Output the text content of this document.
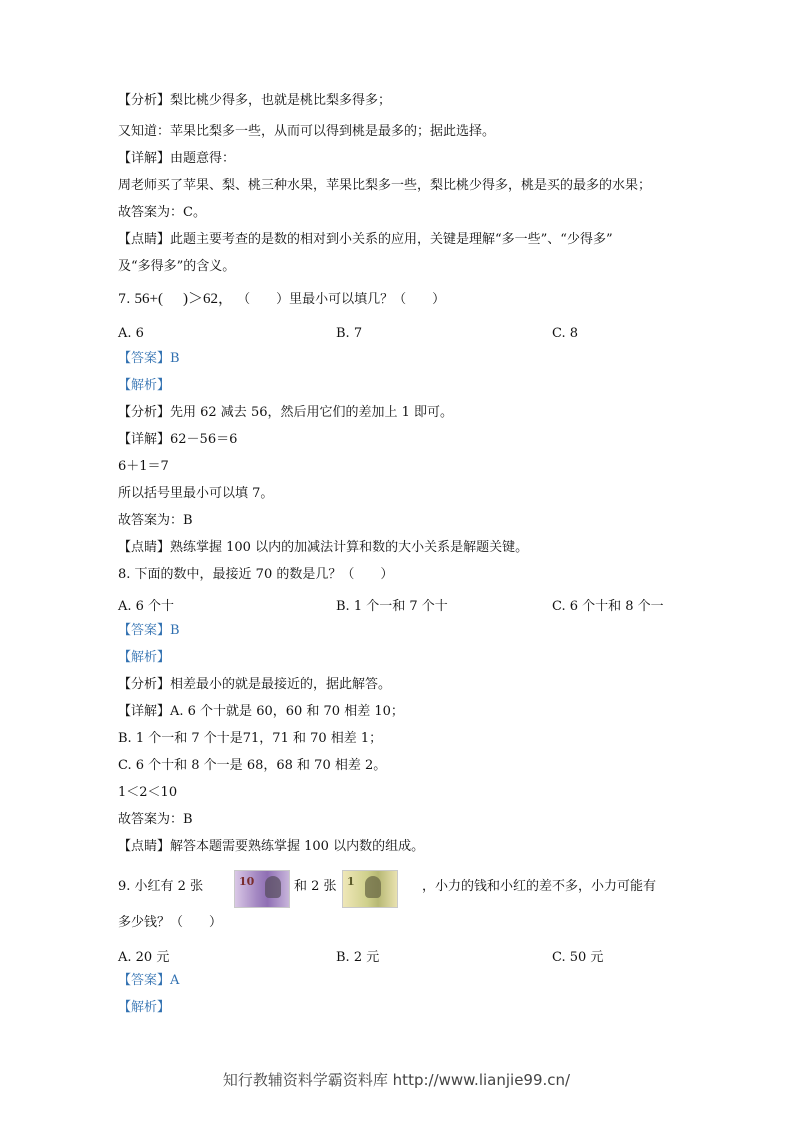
【分析】梨比桃少得多，也就是桃比梨多得多；
又知道：苹果比梨多一些，从而可以得到桃是最多的；据此选择。
【详解】由题意得：
周老师买了苹果、梨、桃三种水果，苹果比梨多一些，梨比桃少得多，桃是买的最多的水果；
故答案为：C。
【点睛】此题主要考查的是数的相对到小关系的应用，关键是理解“多一些”、“少得多”
及“多得多”的含义。
7. 56+( )＞62， （　　）里最小可以填几？（　　）
A. 6	B. 7	C. 8
【答案】B
【解析】
【分析】先用 62 减去 56，然后用它们的差加上 1 即可。
【详解】62－56＝6
6＋1＝7
所以括号里最小可以填 7。
故答案为：B
【点睛】熟练掌握 100 以内的加减法计算和数的大小关系是解题关键。
8. 下面的数中，最接近 70 的数是几？（　　）
A. 6 个十	B. 1 个一和 7 个十	C. 6 个十和 8 个一
【答案】B
【解析】
【分析】相差最小的就是最接近的，据此解答。
【详解】A. 6 个十就是 60，60 和 70 相差 10；
B. 1 个一和 7 个十是71，71 和 70 相差 1；
C. 6 个十和 8 个一是 68，68 和 70 相差 2。
1＜2＜10
故答案为：B
【点睛】解答本题需要熟练掌握 100 以内数的组成。
9. 小红有 2 张	10	和 2 张 1	，小力的钱和小红的差不多，小力可能有
多少钱？（　　）
A. 20 元	B. 2 元	C. 50 元
【答案】A
【解析】
知行教辅资料学霸资料库 http://www.lianjie99.cn/
